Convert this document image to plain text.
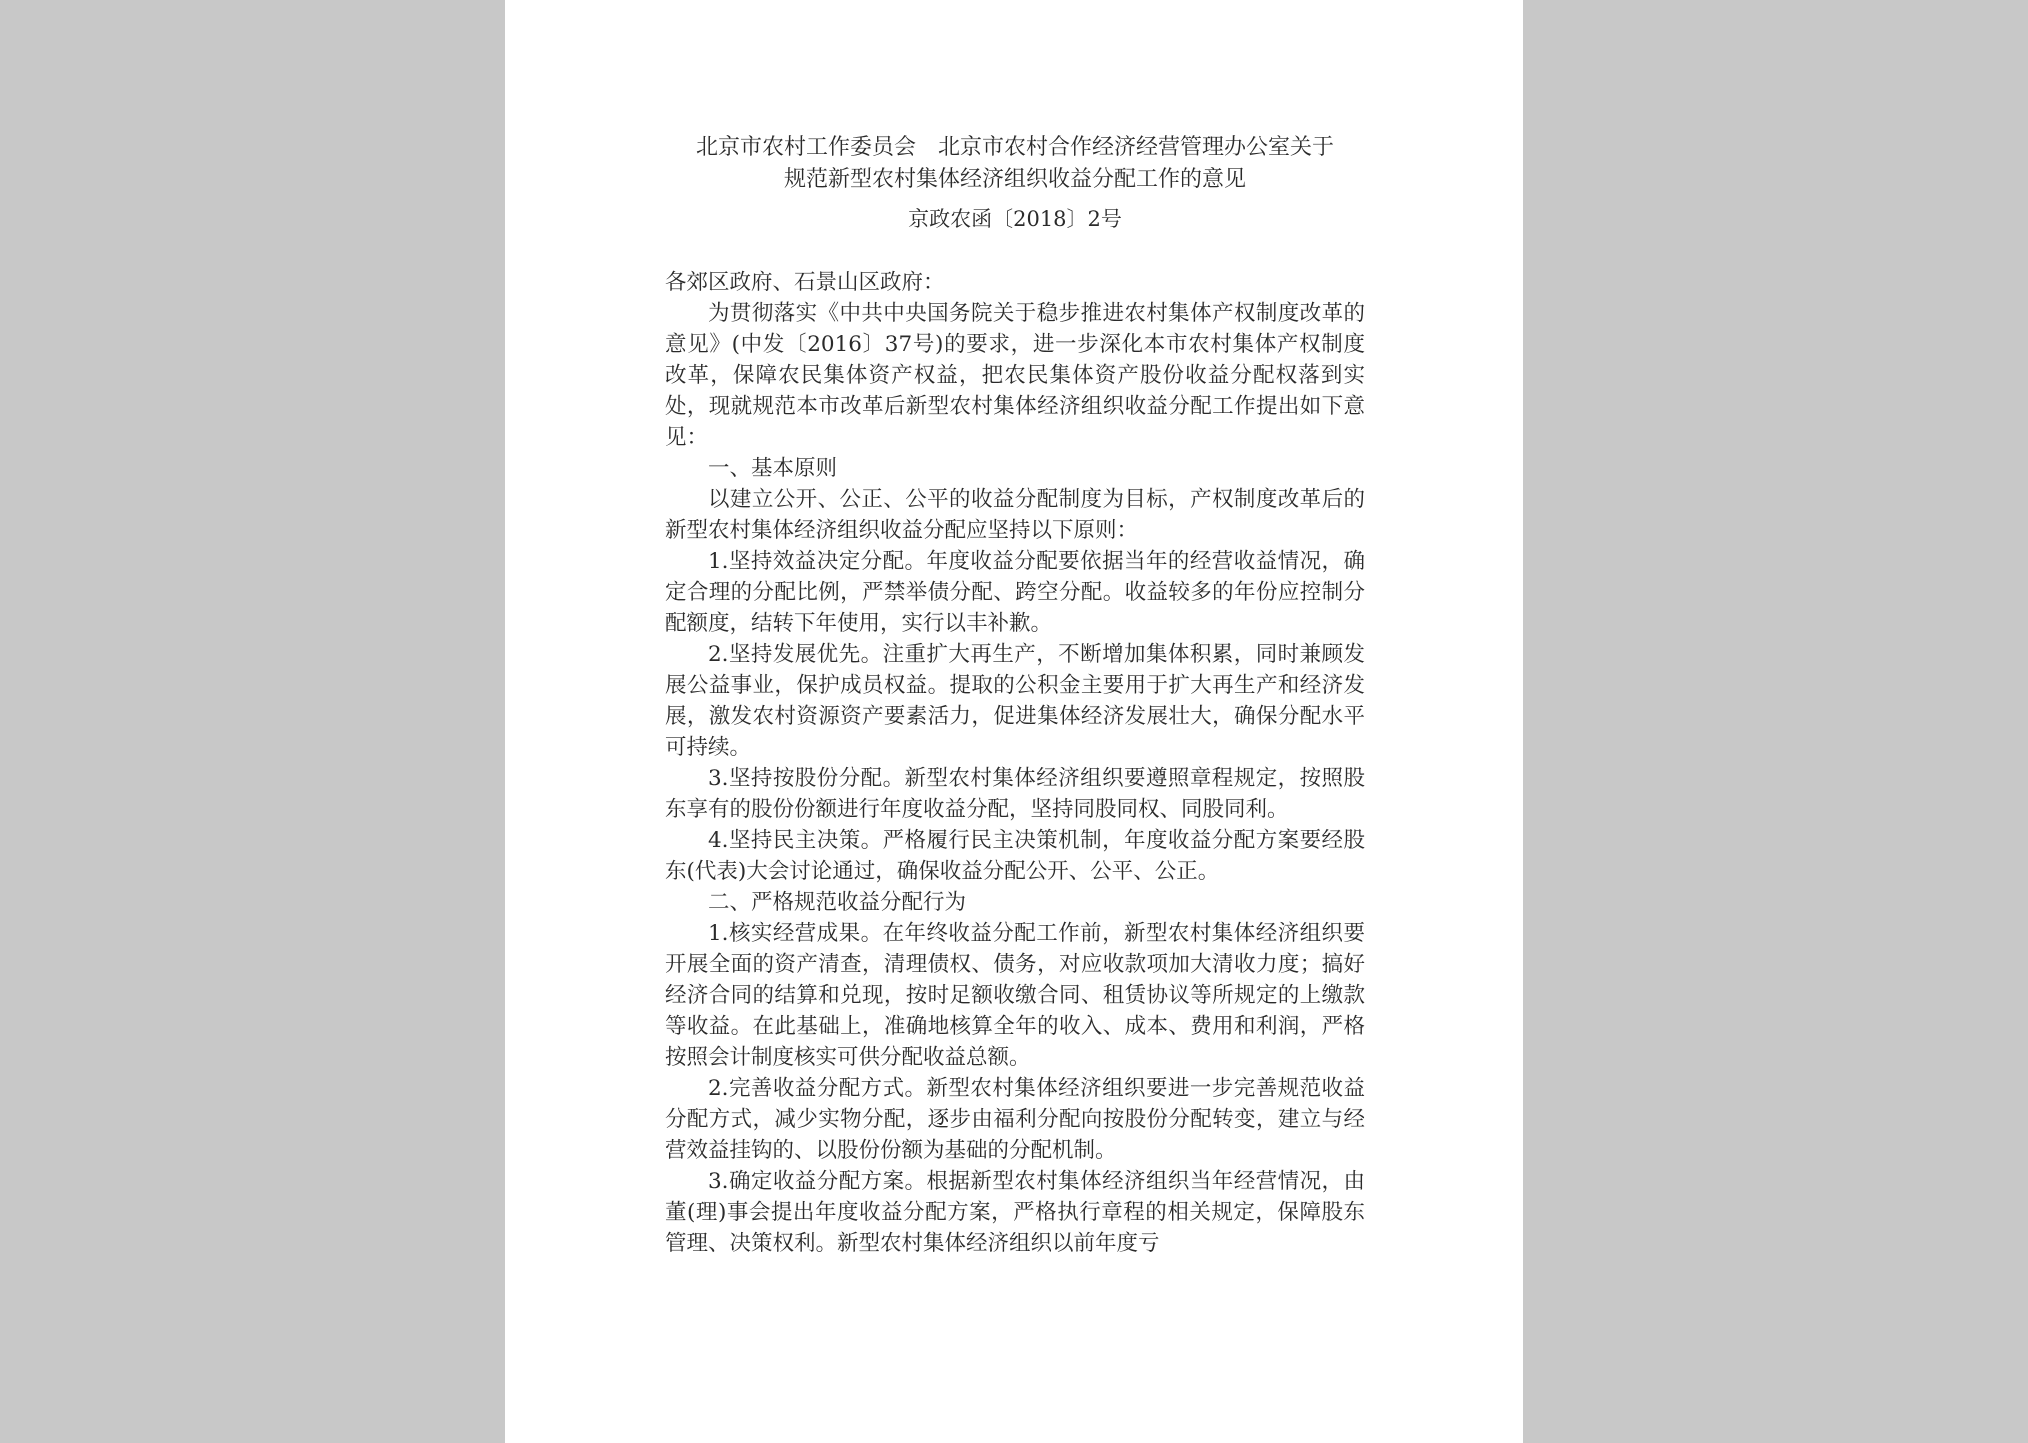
北京市农村工作委员会　北京市农村合作经济经营管理办公室关于

规范新型农村集体经济组织收益分配工作的意见

京政农函〔2018〕2号

各郊区政府、石景山区政府：

为贯彻落实《中共中央国务院关于稳步推进农村集体产权制度改革的意见》(中发〔2016〕37号)的要求，进一步深化本市农村集体产权制度改革，保障农民集体资产权益，把农民集体资产股份收益分配权落到实处，现就规范本市改革后新型农村集体经济组织收益分配工作提出如下意见：

一、基本原则

以建立公开、公正、公平的收益分配制度为目标，产权制度改革后的新型农村集体经济组织收益分配应坚持以下原则：

1.坚持效益决定分配。年度收益分配要依据当年的经营收益情况，确定合理的分配比例，严禁举债分配、跨空分配。收益较多的年份应控制分配额度，结转下年使用，实行以丰补歉。

2.坚持发展优先。注重扩大再生产，不断增加集体积累，同时兼顾发展公益事业，保护成员权益。提取的公积金主要用于扩大再生产和经济发展，激发农村资源资产要素活力，促进集体经济发展壮大，确保分配水平可持续。

3.坚持按股份分配。新型农村集体经济组织要遵照章程规定，按照股东享有的股份份额进行年度收益分配，坚持同股同权、同股同利。

4.坚持民主决策。严格履行民主决策机制，年度收益分配方案要经股东(代表)大会讨论通过，确保收益分配公开、公平、公正。

二、严格规范收益分配行为

1.核实经营成果。在年终收益分配工作前，新型农村集体经济组织要开展全面的资产清查，清理债权、债务，对应收款项加大清收力度；搞好经济合同的结算和兑现，按时足额收缴合同、租赁协议等所规定的上缴款等收益。在此基础上，准确地核算全年的收入、成本、费用和利润，严格按照会计制度核实可供分配收益总额。

2.完善收益分配方式。新型农村集体经济组织要进一步完善规范收益分配方式，减少实物分配，逐步由福利分配向按股份分配转变，建立与经营效益挂钩的、以股份份额为基础的分配机制。

3.确定收益分配方案。根据新型农村集体经济组织当年经营情况，由董(理)事会提出年度收益分配方案，严格执行章程的相关规定，保障股东管理、决策权利。新型农村集体经济组织以前年度亏
